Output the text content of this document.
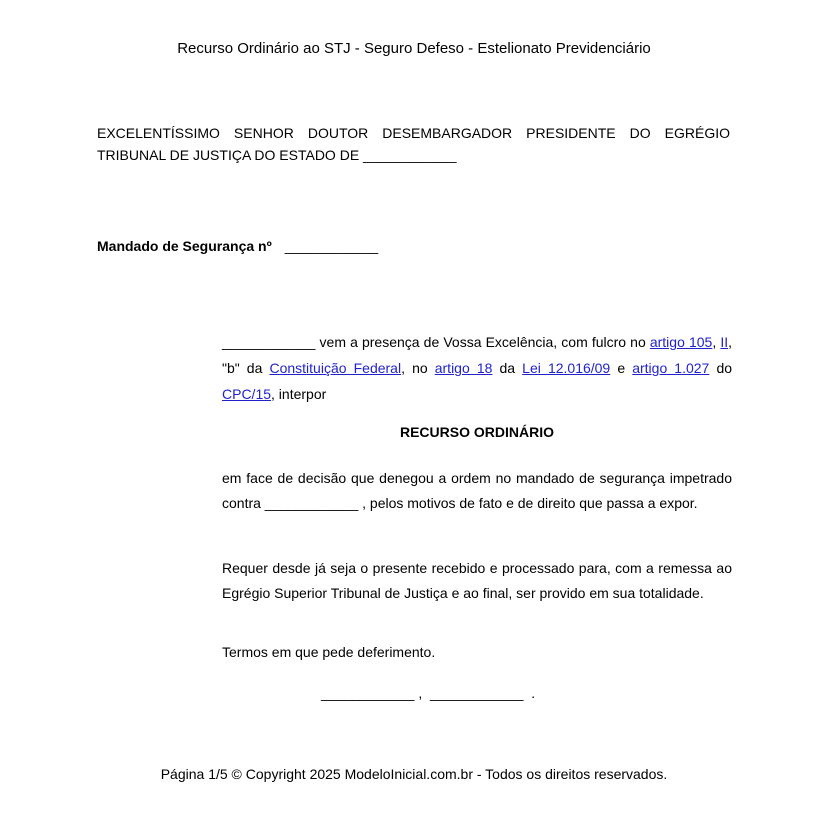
Recurso Ordinário ao STJ - Seguro Defeso - Estelionato Previdenciário

EXCELENTÍSSIMO SENHOR DOUTOR DESEMBARGADOR PRESIDENTE DO EGRÉGIO TRIBUNAL DE JUSTIÇA DO ESTADO DE ____________

Mandado de Segurança nº ____________

____________ vem a presença de Vossa Excelência, com fulcro no artigo 105, II, "b" da Constituição Federal, no artigo 18 da Lei 12.016/09 e artigo 1.027 do CPC/15, interpor

RECURSO ORDINÁRIO

em face de decisão que denegou a ordem no mandado de segurança impetrado contra ____________ , pelos motivos de fato e de direito que passa a expor.

Requer desde já seja o presente recebido e processado para, com a remessa ao Egrégio Superior Tribunal de Justiça e ao final, ser provido em sua totalidade.

Termos em que pede deferimento.

____________ ,  ____________  .

Página 1/5 © Copyright 2025 ModeloInicial.com.br - Todos os direitos reservados.
